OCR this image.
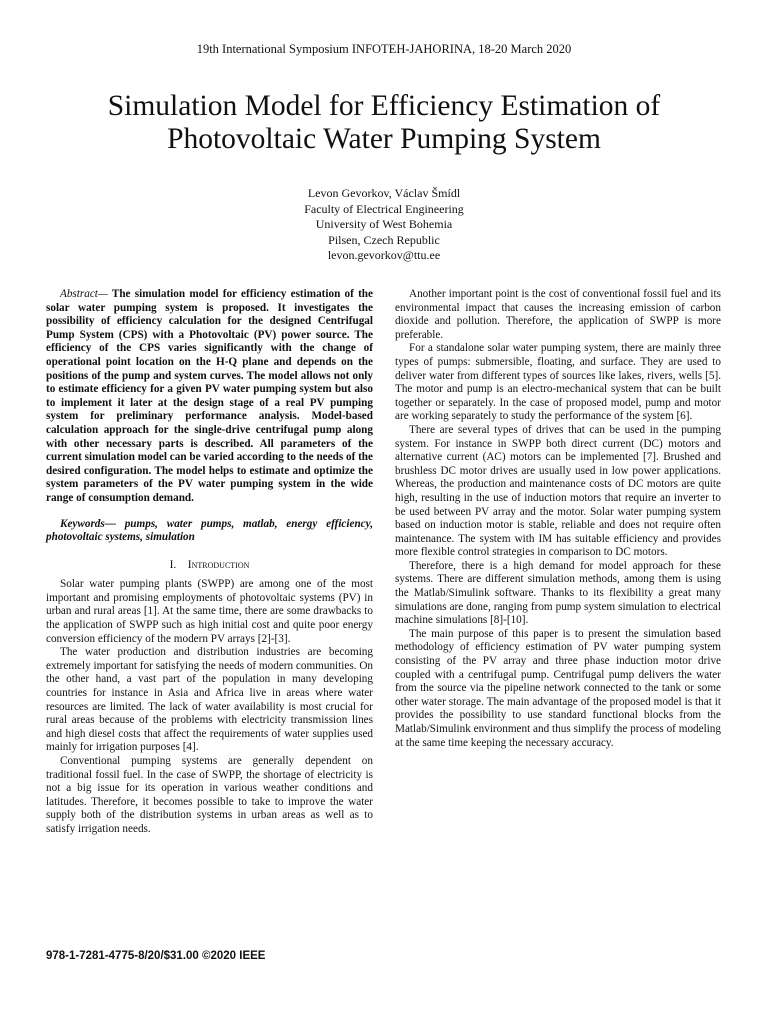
19th International Symposium INFOTEH-JAHORINA, 18-20 March 2020
Simulation Model for Efficiency Estimation of
Photovoltaic Water Pumping System
Levon Gevorkov, Václav Šmídl
Faculty of Electrical Engineering
University of West Bohemia
Pilsen, Czech Republic
levon.gevorkov@ttu.ee

Abstract— The simulation model for efficiency estimation of the solar water pumping system is proposed. It investigates the possibility of efficiency calculation for the designed Centrifugal Pump System (CPS) with a Photovoltaic (PV) power source. The efficiency of the CPS varies significantly with the change of operational point location on the H-Q plane and depends on the positions of the pump and system curves. The model allows not only to estimate efficiency for a given PV water pumping system but also to implement it later at the design stage of a real PV pumping system for preliminary performance analysis. Model-based calculation approach for the single-drive centrifugal pump along with other necessary parts is described. All parameters of the current simulation model can be varied according to the needs of the desired configuration. The model helps to estimate and optimize the system parameters of the PV water pumping system in the wide range of consumption demand.

Keywords— pumps, water pumps, matlab, energy efficiency, photovoltaic systems, simulation

I. Introduction

Solar water pumping plants (SWPP) are among one of the most important and promising employments of photovoltaic systems (PV) in urban and rural areas [1]. At the same time, there are some drawbacks to the application of SWPP such as high initial cost and quite poor energy conversion efficiency of the modern PV arrays [2]-[3].

The water production and distribution industries are becoming extremely important for satisfying the needs of modern communities. On the other hand, a vast part of the population in many developing countries for instance in Asia and Africa live in areas where water resources are limited. The lack of water availability is most crucial for rural areas because of the problems with electricity transmission lines and high diesel costs that affect the requirements of water supplies used mainly for irrigation purposes [4].

Conventional pumping systems are generally dependent on traditional fossil fuel. In the case of SWPP, the shortage of electricity is not a big issue for its operation in various weather conditions and latitudes. Therefore, it becomes possible to take to improve the water supply both of the distribution systems in urban areas as well as to satisfy irrigation needs.

Another important point is the cost of conventional fossil fuel and its environmental impact that causes the increasing emission of carbon dioxide and pollution. Therefore, the application of SWPP is more preferable.

For a standalone solar water pumping system, there are mainly three types of pumps: submersible, floating, and surface. They are used to deliver water from different types of sources like lakes, rivers, wells [5]. The motor and pump is an electro-mechanical system that can be built together or separately. In the case of proposed model, pump and motor are working separately to study the performance of the system [6].

There are several types of drives that can be used in the pumping system. For instance in SWPP both direct current (DC) motors and alternative current (AC) motors can be implemented [7]. Brushed and brushless DC motor drives are usually used in low power applications. Whereas, the production and maintenance costs of DC motors are quite high, resulting in the use of induction motors that require an inverter to be used between PV array and the motor. Solar water pumping system based on induction motor is stable, reliable and does not require often maintenance. The system with IM has suitable efficiency and provides more flexible control strategies in comparison to DC motors.

Therefore, there is a high demand for model approach for these systems. There are different simulation methods, among them is using the Matlab/Simulink software. Thanks to its flexibility a great many simulations are done, ranging from pump system simulation to electrical machine simulations [8]-[10].

The main purpose of this paper is to present the simulation based methodology of efficiency estimation of PV water pumping system consisting of the PV array and three phase induction motor drive coupled with a centrifugal pump. Centrifugal pump delivers the water from the source via the pipeline network connected to the tank or some other water storage. The main advantage of the proposed model is that it provides the possibility to use standard functional blocks from the Matlab/Simulink environment and thus simplify the process of modeling at the same time keeping the necessary accuracy.

978-1-7281-4775-8/20/$31.00 ©2020 IEEE
